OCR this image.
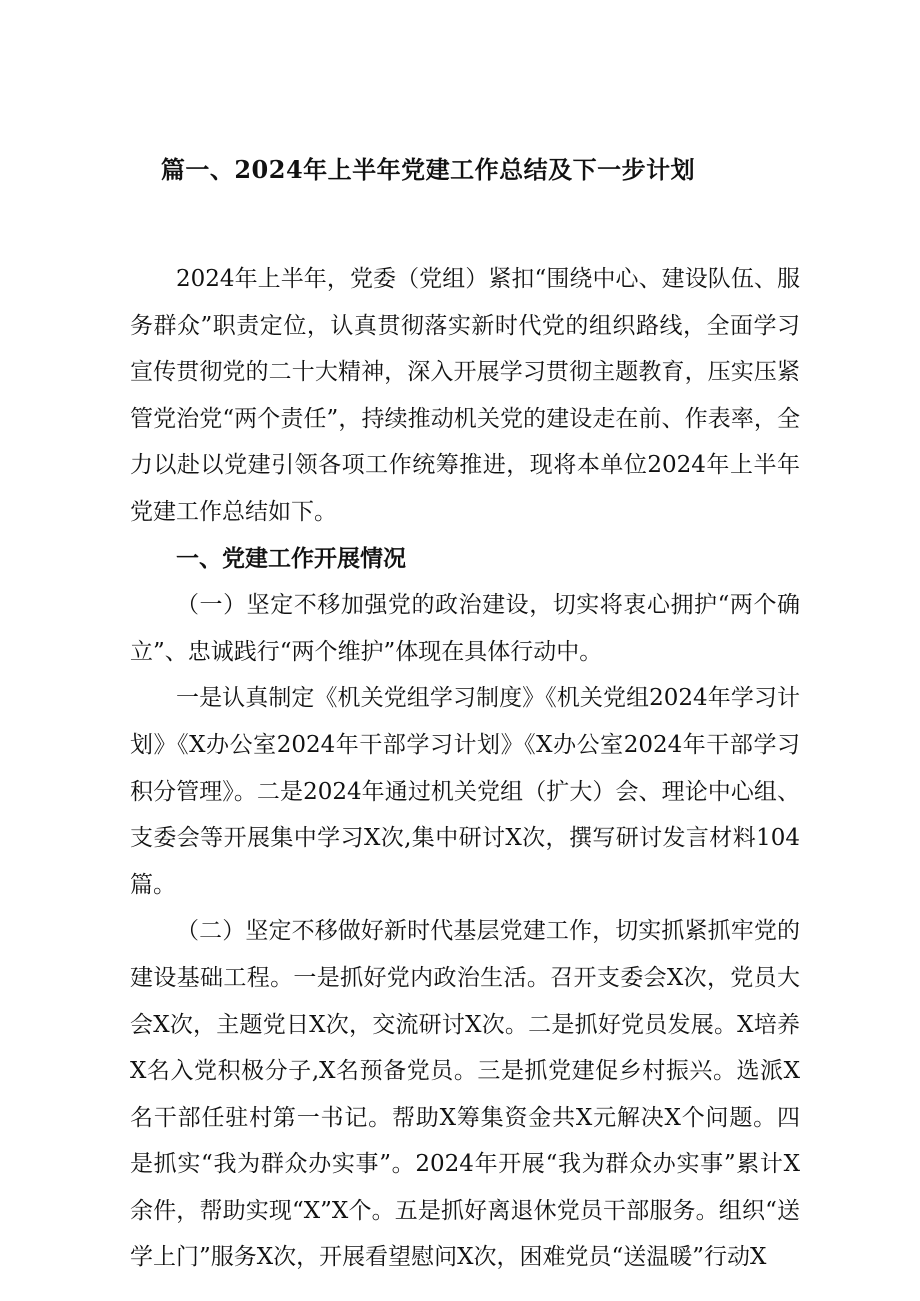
篇一、2024年上半年党建工作总结及下一步计划

2024年上半年，党委（党组）紧扣“围绕中心、建设队伍、服务群众”职责定位，认真贯彻落实新时代党的组织路线，全面学习宣传贯彻党的二十大精神，深入开展学习贯彻主题教育，压实压紧管党治党“两个责任”，持续推动机关党的建设走在前、作表率，全力以赴以党建引领各项工作统筹推进，现将本单位2024年上半年党建工作总结如下。

一、党建工作开展情况

（一）坚定不移加强党的政治建设，切实将衷心拥护“两个确立”、忠诚践行“两个维护”体现在具体行动中。

一是认真制定《机关党组学习制度》《机关党组2024年学习计划》《X办公室2024年干部学习计划》《X办公室2024年干部学习积分管理》。二是2024年通过机关党组（扩大）会、理论中心组、支委会等开展集中学习X次,集中研讨X次，撰写研讨发言材料104篇。

（二）坚定不移做好新时代基层党建工作，切实抓紧抓牢党的建设基础工程。一是抓好党内政治生活。召开支委会X次，党员大会X次，主题党日X次，交流研讨X次。二是抓好党员发展。X培养X名入党积极分子,X名预备党员。三是抓党建促乡村振兴。选派X名干部任驻村第一书记。帮助X筹集资金共X元解决X个问题。四是抓实“我为群众办实事”。2024年开展“我为群众办实事”累计X余件，帮助实现“X”X个。五是抓好离退休党员干部服务。组织“送学上门”服务X次，开展看望慰问X次，困难党员“送温暖”行动X
